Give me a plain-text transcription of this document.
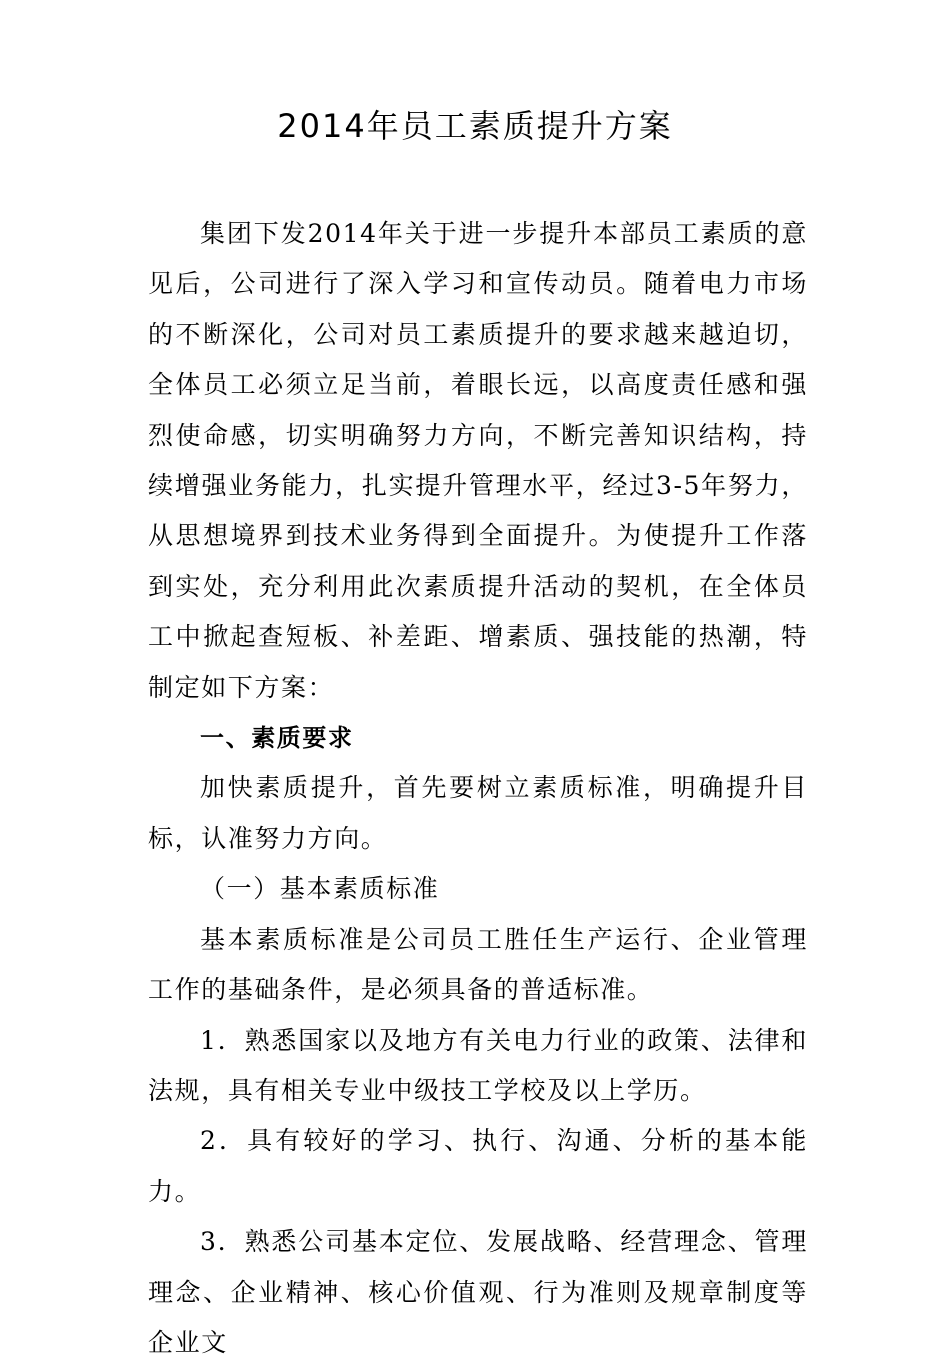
2014年员工素质提升方案

集团下发2014年关于进一步提升本部员工素质的意见后，公司进行了深入学习和宣传动员。随着电力市场的不断深化，公司对员工素质提升的要求越来越迫切，全体员工必须立足当前，着眼长远，以高度责任感和强烈使命感，切实明确努力方向，不断完善知识结构，持续增强业务能力，扎实提升管理水平，经过3-5年努力，从思想境界到技术业务得到全面提升。为使提升工作落到实处，充分利用此次素质提升活动的契机，在全体员工中掀起查短板、补差距、增素质、强技能的热潮，特制定如下方案：

一、素质要求

加快素质提升，首先要树立素质标准，明确提升目标，认准努力方向。

（一）基本素质标准

基本素质标准是公司员工胜任生产运行、企业管理工作的基础条件，是必须具备的普适标准。

1．熟悉国家以及地方有关电力行业的政策、法律和法规，具有相关专业中级技工学校及以上学历。

2．具有较好的学习、执行、沟通、分析的基本能力。

3．熟悉公司基本定位、发展战略、经营理念、管理理念、企业精神、核心价值观、行为准则及规章制度等企业文
